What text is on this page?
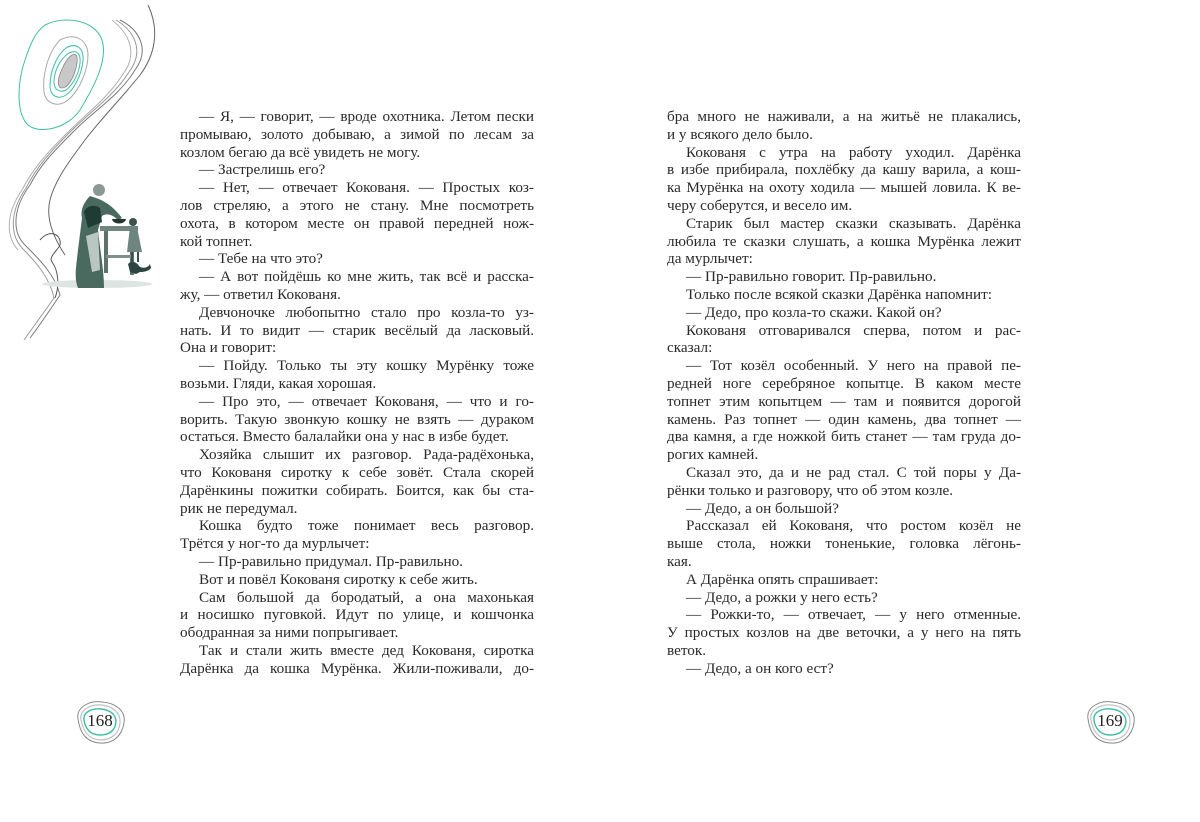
— Я, — говорит, — вроде охотника. Летом пески
промываю, золото добываю, а зимой по лесам за
козлом бегаю да всё увидеть не могу.
— Застрелишь его?
— Нет, — отвечает Кокованя. — Простых коз-
лов стреляю, а этого не стану. Мне посмотреть
охота, в котором месте он правой передней нож-
кой топнет.
— Тебе на что это?
— А вот пойдёшь ко мне жить, так всё и расска-
жу, — ответил Кокованя.
Девчоночке любопытно стало про козла-то уз-
нать. И то видит — старик весёлый да ласковый.
Она и говорит:
— Пойду. Только ты эту кошку Мурёнку тоже
возьми. Гляди, какая хорошая.
— Про это, — отвечает Кокованя, — что и го-
ворить. Такую звонкую кошку не взять — дураком
остаться. Вместо балалайки она у нас в избе будет.
Хозяйка слышит их разговор. Рада-радёхонька,
что Кокованя сиротку к себе зовёт. Стала скорей
Дарёнкины пожитки собирать. Боится, как бы ста-
рик не передумал.
Кошка будто тоже понимает весь разговор.
Трётся у ног-то да мурлычет:
— Пр-равильно придумал. Пр-равильно.
Вот и повёл Кокованя сиротку к себе жить.
Сам большой да бородатый, а она махонькая
и носишко пуговкой. Идут по улице, и кошчонка
ободранная за ними попрыгивает.
Так и стали жить вместе дед Кокованя, сиротка
Дарёнка да кошка Мурёнка. Жили-поживали, до-
бра много не наживали, а на житьё не плакались,
и у всякого дело было.
Кокованя с утра на работу уходил. Дарёнка
в избе прибирала, похлёбку да кашу варила, а кош-
ка Мурёнка на охоту ходила — мышей ловила. К ве-
черу соберутся, и весело им.
Старик был мастер сказки сказывать. Дарёнка
любила те сказки слушать, а кошка Мурёнка лежит
да мурлычет:
— Пр-равильно говорит. Пр-равильно.
Только после всякой сказки Дарёнка напомнит:
— Дедо, про козла-то скажи. Какой он?
Кокованя отговаривался сперва, потом и рас-
сказал:
— Тот козёл особенный. У него на правой пе-
редней ноге серебряное копытце. В каком месте
топнет этим копытцем — там и появится дорогой
камень. Раз топнет — один камень, два топнет —
два камня, а где ножкой бить станет — там груда до-
рогих камней.
Сказал это, да и не рад стал. С той поры у Да-
рёнки только и разговору, что об этом козле.
— Дедо, а он большой?
Рассказал ей Кокованя, что ростом козёл не
выше стола, ножки тоненькие, головка лёгонь-
кая.
А Дарёнка опять спрашивает:
— Дедо, а рожки у него есть?
— Рожки-то, — отвечает, — у него отменные.
У простых козлов на две веточки, а у него на пять
веток.
— Дедо, а он кого ест?
168	169
